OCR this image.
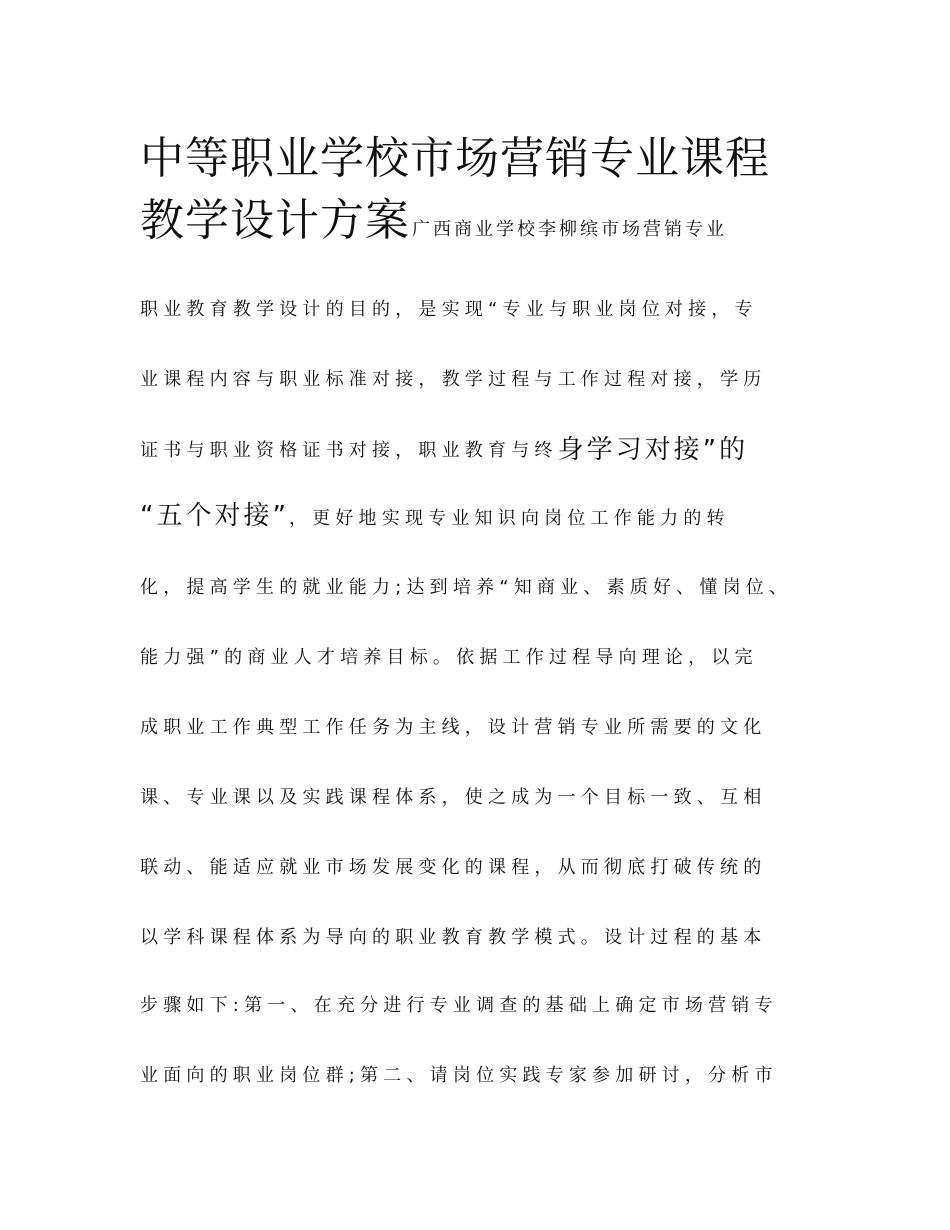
中等职业学校市场营销专业课程
教学设计方案 广西商业学校李柳缤市场营销专业

职业教育教学设计的目的，是实现“专业与职业岗位对接，专

业课程内容与职业标准对接，教学过程与工作过程对接，学历

证书与职业资格证书对接，职业教育与终身学习对接”的

“五个对接”，更好地实现专业知识向岗位工作能力的转

化，提高学生的就业能力;达到培养“知商业、素质好、懂岗位、

能力强”的商业人才培养目标。依据工作过程导向理论，以完

成职业工作典型工作任务为主线，设计营销专业所需要的文化

课、专业课以及实践课程体系，使之成为一个目标一致、互相

联动、能适应就业市场发展变化的课程，从而彻底打破传统的

以学科课程体系为导向的职业教育教学模式。设计过程的基本

步骤如下:第一、在充分进行专业调查的基础上确定市场营销专

业面向的职业岗位群;第二、请岗位实践专家参加研讨，分析市
